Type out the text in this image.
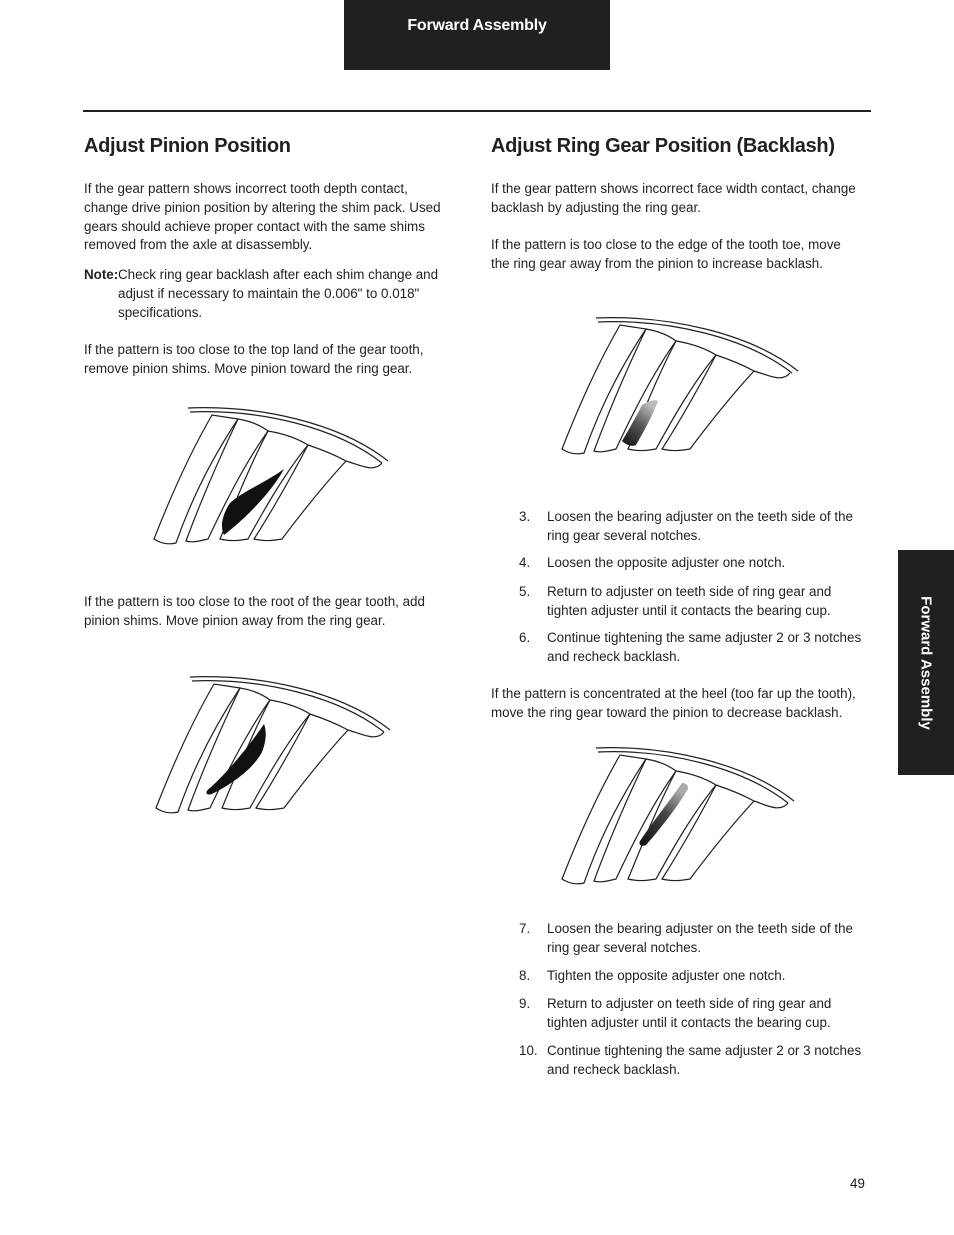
Forward Assembly
Forward Assembly
Adjust Pinion Position

If the gear pattern shows incorrect tooth depth contact,

change drive pinion position by altering the shim pack. Used

gears should achieve proper contact with the same shims

removed from the axle at disassembly.

Note: Check ring gear backlash after each shim change and

adjust if necessary to maintain the 0.006" to 0.018"

specifications.

If the pattern is too close to the top land of the gear tooth,

remove pinion shims. Move pinion toward the ring gear.

If the pattern is too close to the root of the gear tooth, add

pinion shims. Move pinion away from the ring gear.

Adjust Ring Gear Position (Backlash)

If the gear pattern shows incorrect face width contact, change

backlash by adjusting the ring gear.

If the pattern is too close to the edge of the tooth toe, move

the ring gear away from the pinion to increase backlash.

3.	Loosen the bearing adjuster on the teeth side of the

ring gear several notches.

4.	Loosen the opposite adjuster one notch.
5.	Return to adjuster on teeth side of ring gear and

tighten adjuster until it contacts the bearing cup.

6.	Continue tightening the same adjuster 2 or 3 notches

and recheck backlash.

If the pattern is concentrated at the heel (too far up the tooth),

move the ring gear toward the pinion to decrease backlash.

7.	Loosen the bearing adjuster on the teeth side of the

ring gear several notches.

8.	Tighten the opposite adjuster one notch.
9.	Return to adjuster on teeth side of ring gear and

tighten adjuster until it contacts the bearing cup.

10. Continue tightening the same adjuster 2 or 3 notches

and recheck backlash.

49
